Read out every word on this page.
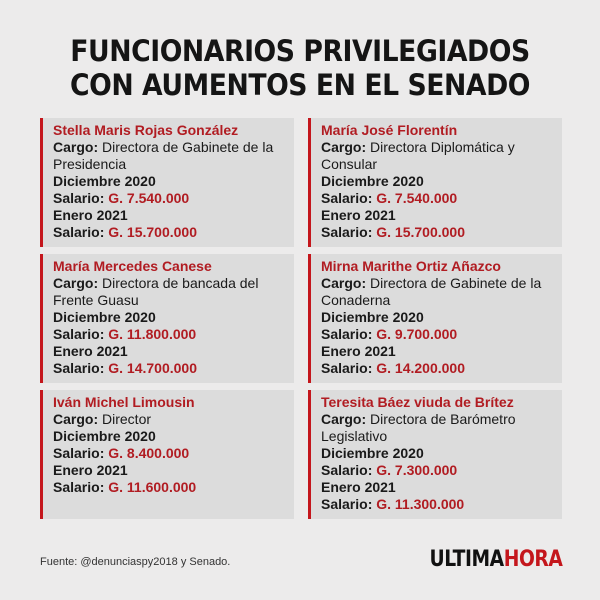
FUNCIONARIOS PRIVILEGIADOS
CON AUMENTOS EN EL SENADO
Stella Maris Rojas González
Cargo: Directora de Gabinete de la Presidencia
Diciembre 2020
Salario: G. 7.540.000
Enero 2021
Salario: G. 15.700.000
María José Florentín
Cargo: Directora Diplomática y Consular
Diciembre 2020
Salario: G. 7.540.000
Enero 2021
Salario: G. 15.700.000
María Mercedes Canese
Cargo: Directora de bancada del Frente Guasu
Diciembre 2020
Salario: G. 11.800.000
Enero 2021
Salario: G. 14.700.000
Mirna Marithe Ortiz Añazco
Cargo: Directora de Gabinete de la Conaderna
Diciembre 2020
Salario: G. 9.700.000
Enero 2021
Salario: G. 14.200.000
Iván Michel Limousin
Cargo: Director
Diciembre 2020
Salario: G. 8.400.000
Enero 2021
Salario: G. 11.600.000
Teresita Báez viuda de Brítez
Cargo: Directora de Barómetro Legislativo
Diciembre 2020
Salario: G. 7.300.000
Enero 2021
Salario: G. 11.300.000
Fuente: @denunciaspy2018 y Senado.	ULTIMAHORA
